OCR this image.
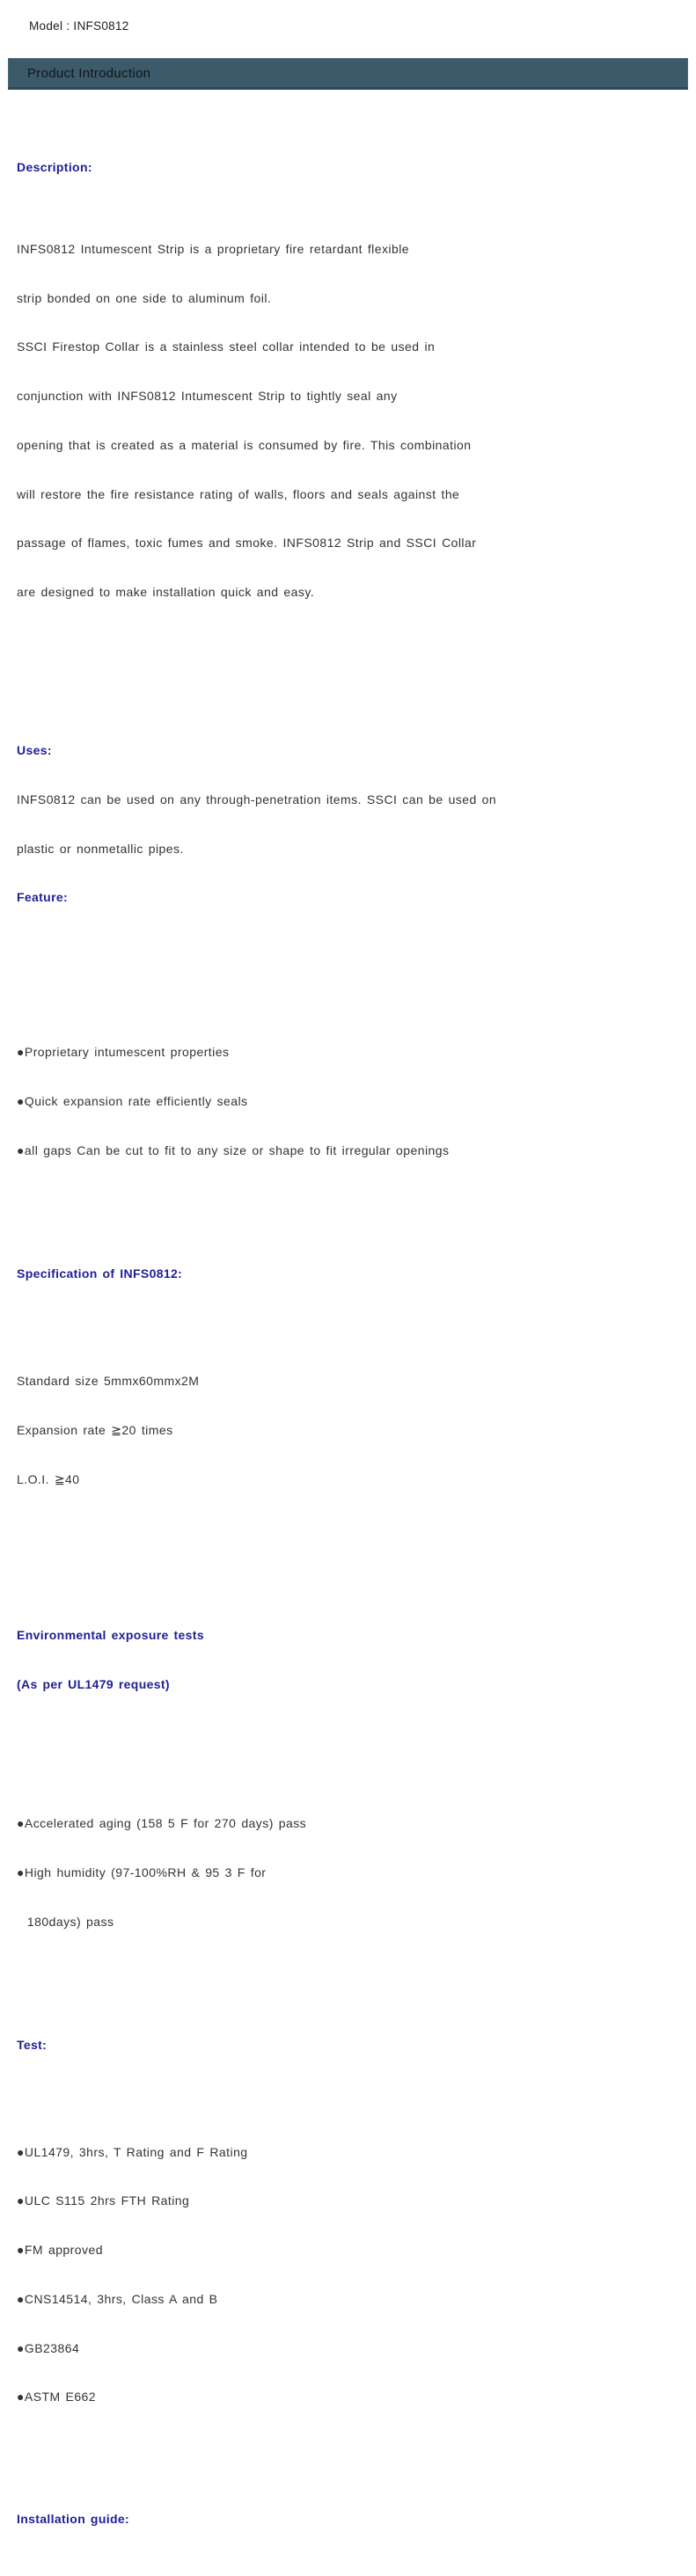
Model : INFS0812
Product Introduction

Description:

INFS0812 Intumescent Strip is a proprietary fire retardant flexible

strip bonded on one side to aluminum foil.

SSCI Firestop Collar is a stainless steel collar intended to be used in

conjunction with INFS0812 Intumescent Strip to tightly seal any

opening that is created as a material is consumed by fire. This combination

will restore the fire resistance rating of walls, floors and seals against the

passage of flames, toxic fumes and smoke. INFS0812 Strip and SSCI Collar

are designed to make installation quick and easy.

Uses:

INFS0812 can be used on any through-penetration items. SSCI can be used on

plastic or nonmetallic pipes.

Feature:

●Proprietary intumescent properties

●Quick expansion rate efficiently seals

●all gaps Can be cut to fit to any size or shape to fit irregular openings

Specification of INFS0812:

Standard size 5mmx60mmx2M

Expansion rate ≧20 times

L.O.I. ≧40

Environmental exposure tests

(As per UL1479 request)

●Accelerated aging (158 5 F for 270 days) pass

●High humidity (97-100%RH & 95 3 F for

180days) pass

Test:

●UL1479, 3hrs, T Rating and F Rating

●ULC S115 2hrs FTH Rating

●FM approved

●CNS14514, 3hrs, Class A and B

●GB23864

●ASTM E662

Installation guide:
